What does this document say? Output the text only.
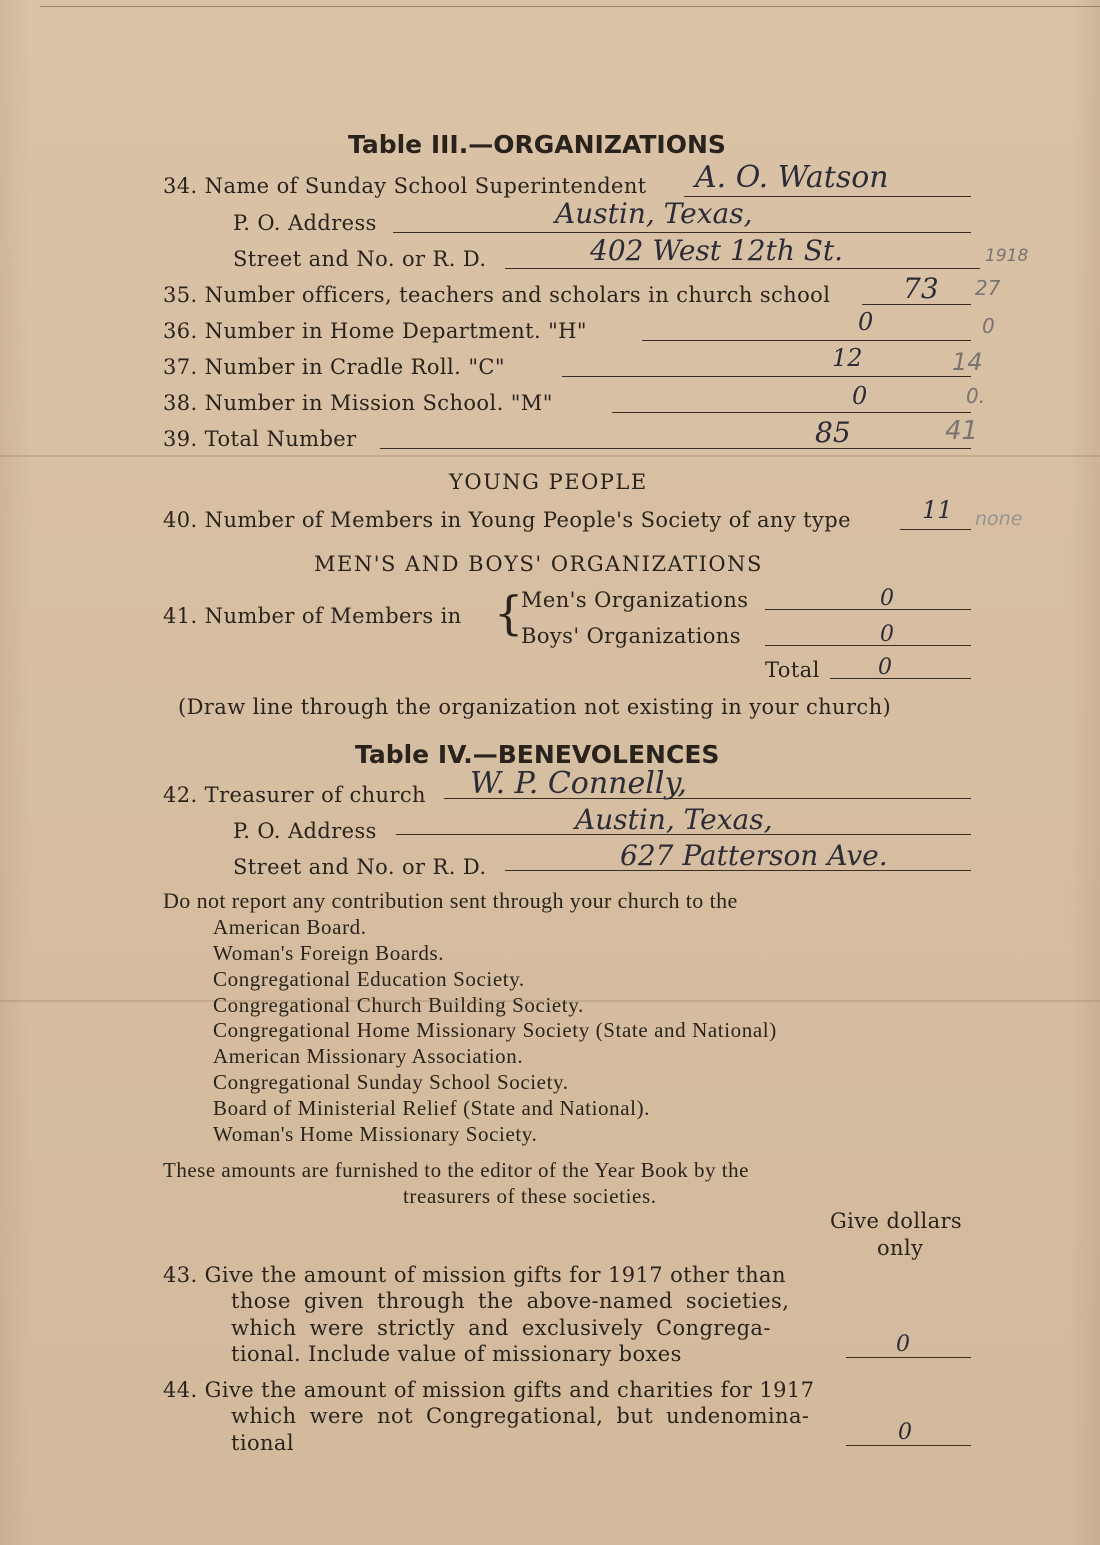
Table III.—ORGANIZATIONS
34. Name of Sunday School Superintendent A. O. Watson
P. O. Address	Austin, Texas,
Street and No. or R. D.	402 West 12th St.	1918
35. Number officers, teachers and scholars in church school	73 27
36. Number in Home Department. "H"	0	0
37. Number in Cradle Roll. "C"	12	14
38. Number in Mission School. "M"	0	0.
39. Total Number	85	41
YOUNG PEOPLE
40. Number of Members in Young People's Society of any type	11 none
MEN'S AND BOYS' ORGANIZATIONS
41. Number of Members in {
Men's Organizations	0
Boys' Organizations	0
Total	0
(Draw line through the organization not existing in your church)
Table IV.—BENEVOLENCES
42. Treasurer of church W. P. Connelly,
P. O. Address	Austin, Texas,
Street and No. or R. D.	627 Patterson Ave.
Do not report any contribution sent through your church to the
American Board.
Woman's Foreign Boards.
Congregational Education Society.
Congregational Church Building Society.
Congregational Home Missionary Society (State and National)
American Missionary Association.
Congregational Sunday School Society.
Board of Ministerial Relief (State and National).
Woman's Home Missionary Society.
These amounts are furnished to the editor of the Year Book by the
treasurers of these societies.
Give dollars
only
43. Give the amount of mission gifts for 1917 other than
those given through the above-named societies,
which were strictly and exclusively Congrega-
tional. Include value of missionary boxes	0
44. Give the amount of mission gifts and charities for 1917
which were not Congregational, but undenomina-
tional	0
